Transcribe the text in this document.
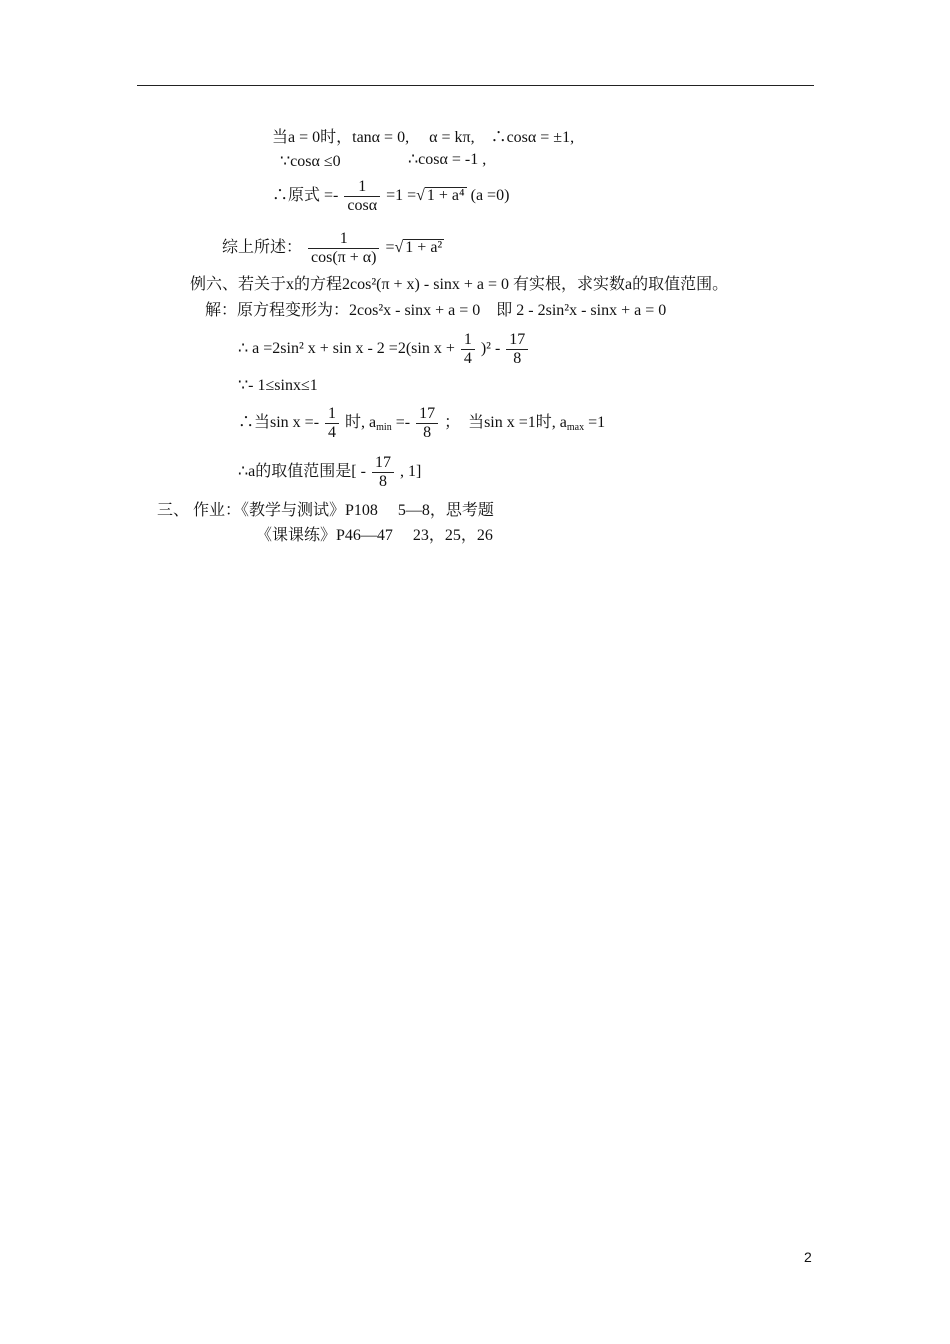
当a = 0时，tanα = 0,　 α = kπ,　∴cosα = ±1,
∵cosα ≤0	∴cosα = -1 ,
∴原式 =- $\frac{1}{\cos\alpha} =1$ =√ 1 + a⁴ (a =0)
综上所述： $\frac{1}{\cos(\pi + \alpha)}$ =√ 1 + a²
例六、若关于x的方程2cos²(π + x) - sinx + a = 0 有实根，求实数a的取值范围。
解：原方程变形为：2cos²x - sinx + a = 0　即 2 - 2sin²x - sinx + a = 0
∴ a =2sin² x + sin x - 2 =2(sin $x + \frac{1}{4} )^2 - \frac{17}{8}$
∵- 1≤sinx≤1
∴当$\sin x =- \frac{1}{4}$ 时, $a_{min} =- \frac{17}{8}$ ；　当sin x =1时, $a_{max} =1$
∴a的取值范围是[ - $\frac{17}{8}$ , 1]
三、 作业：《教学与测试》P108　 5—8，思考题
《课课练》P46—47　 23，25，26
2
